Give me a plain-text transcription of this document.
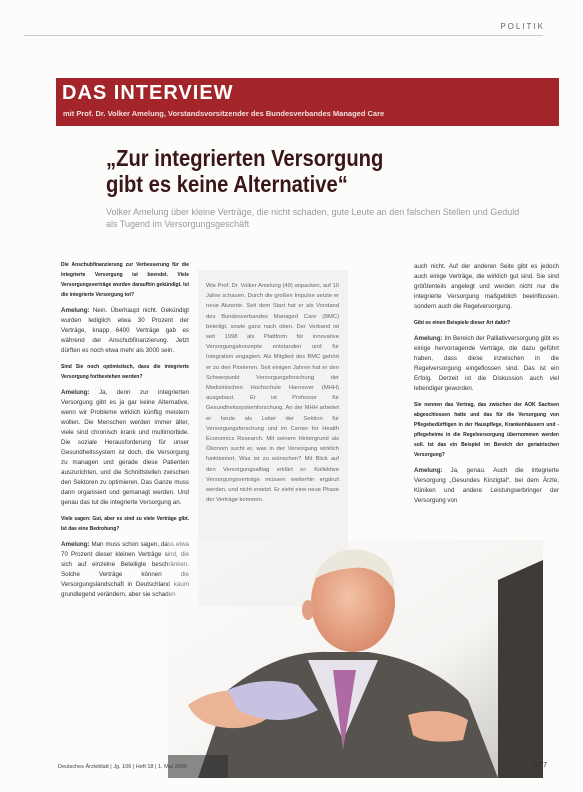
POLITIK
DAS INTERVIEW
mit Prof. Dr. Volker Amelung, Vorstandsvorsitzender des Bundesverbandes Managed Care
„Zur integrierten Versorgung
gibt es keine Alternative“
Volker Amelung über kleine Verträge, die nicht schaden, gute Leute an den falschen Stellen und Geduld als Tugend im Versorgungsgeschäft

Die Anschubfinanzierung zur Verbesserung für die integrierte Versorgung ist beendet. Viele Versorgungsverträge wurden daraufhin gekündigt. Ist die integrierte Versorgung tot?

Amelung: Nein. Überhaupt nicht. Gekündigt wurden lediglich etwa 30 Prozent der Verträge, knapp 6400 Verträge gab es während der Anschubfinanzierung. Jetzt dürften es noch etwa mehr als 3000 sein.

Sind Sie noch optimistisch, dass die integrierte Versorgung fortbestehen werden?

Amelung: Ja, denn zur integrierten Versorgung gibt es ja gar keine Alternative, wenn wir Probleme wirklich künftig meistern wollen. Die Menschen werden immer älter, viele sind chronisch krank und multimorbide. Die soziale Herausforderung für unser Gesundheitssystem ist doch, die Versorgung zu managen und gerade diese Patienten auszurichten, und die Schnittstellen zwischen den Sektoren zu optimieren. Das Ganze muss dann organisiert und gemanagt werden. Und genau das tut die integrierte Versorgung an.

Viele sagen: Gut, aber es sind zu viele Verträge gibt. Ist das eine Bedrohung?

Amelung: Man muss schon sagen, dass etwa 70 Prozent dieser kleinen Verträge sind, die sich auf einzelne Beteiligte beschränken. Solche Verträge können die Versorgungslandschaft in Deutschland kaum grundlegend verändern, aber sie schaden

Wie Prof. Dr. Volker Amelung (49) anpacken, auf 10 Jahre schauen. Durch die großen Impulse setzte er neue Akzente. Seit dem Start hat er als Vorstand des Bundesverbandes Managed Care (BMC) beteiligt, sowie ganz nach oben. Der Verband ist seit 1998 als Plattform für innovative Versorgungskonzepte entstanden und für Integration engagiert. Als Mitglied des BMC gehört er zu den Pionieren. Seit einigen Jahren hat er den Schwerpunkt Versorgungsforschung der Medizinischen Hochschule Hannover (MHH) ausgebaut. Er ist Professor für Gesundheitssystemforschung. An der MHH arbeitet er heute als Leiter der Sektion für Versorgungsforschung und im Center for Health Economics Research. Mit seinem Hintergrund als Ökonom sucht er, was in der Versorgung wirklich funktioniert. Was ist zu wünschen? Mit Blick auf den Versorgungsalltag erklärt er: Kollektive Versorgungsverträge müssen weiterhin ergänzt werden, und nicht ersetzt. Er sieht eine neue Phase der Verträge kommen.

auch nicht. Auf der anderen Seite gibt es jedoch auch einige Verträge, die wirklich gut sind. Sie sind größtenteils angelegt und werden nicht nur die integrierte Versorgung maßgeblich beeinflussen, sondern auch die Regelversorgung.

Gibt es einen Beispiele dieser Art dafür?

Amelung: Im Bereich der Palliativversorgung gibt es einige hervorragende Verträge, die dazu geführt haben, dass diese inzwischen in die Regelversorgung eingeflossen sind. Das ist ein Erfolg. Derzeit ist die Diskussion auch viel lebendiger geworden.

Sie nennen das Vertrag, das zwischen der AOK Sachsen abgeschlossen hatte und das für die Versorgung von Pflegebedürftigen in der Hauspflege, Krankenhäusern und -pflegeheime in die Regelversorgung übernommen werden soll. Ist das ein Beispiel im Bereich der geriatrischen Versorgung?

Amelung: Ja, genau. Auch die integrierte Versorgung „Gesundes Kinzigtal“, bei dem Ärzte, Kliniken und andere Leistungserbringer der Versorgung von

Deutsches Ärzteblatt | Jg. 106 | Heft 18 | 1. Mai 2009	5 07
